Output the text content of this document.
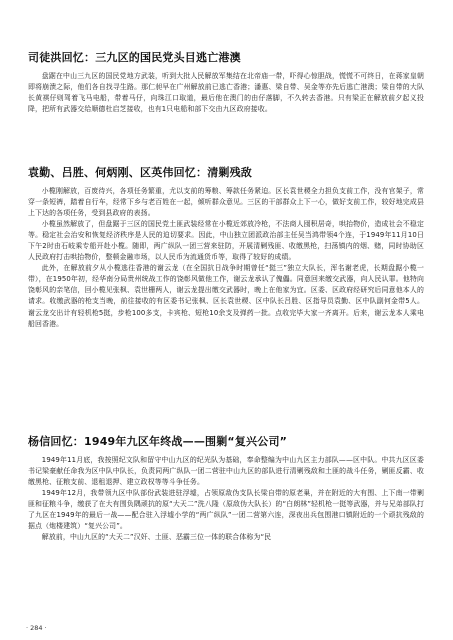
司徒洪回忆：三九区的国民党头目逃亡港澳

盘踞在中山三九区的国民党地方武装，听到大批人民解放军集结在北帝庙一带，吓得心惊胆战，慌慌不可终日，在蒋家皇朝即将崩溃之际，他们各自找寻生路。那仁昶早在广州解放前已逃亡香港；潘惠、梁自带、吴金等亦先后逃亡港澳；梁自带的大队长黄祺仔则驾着飞马电船，带着马仔，向珠江口取道，最后他在澳门的由仔落脚，不久转去香港。只有梁正在解放前夕起义投降，把所有武器交给顺德杜启芝接收，也有1只电船和部下交由九区政府接收。

袁勤、吕胜、何炳刚、区英伟回忆：清剿残敌

小榄刚解放，百废待兴，各项任务繁重，尤以支前的筹粮、筹款任务紧迫。区长袁世稷全力担负支前工作，没有官架子，常穿一条短裤，踏着自行车，经常下乡与老百姓在一起，倾听群众意见。三区的干部群众上下一心，做好支前工作，较好地完成县上下达的各项任务，受到县政府的表扬。

小榄虽然解放了，但盘踞于三区的国民党土匪武装经常在小榄近郊放冷枪，不法商人囤积居奇，哄抬物价，造成社会不稳定等。稳定社会治安和恢复经济秩序是人民的迫切要求。因此，中山独立团派政治部主任吴当鸿带领4个连，于1949年11月10日下午2时由石岐乘专船开赴小榄。随即，两广纵队一团三营来驻防，开展清剿残匪、收缴黑枪，扫荡镇内的烟、赌，同时协助区人民政府打击哄抬物价，整顿金融市场，以人民币为流通货币等，取得了较好的成绩。

此外，在解放前夕从小榄逃往香港的谢云龙（在全国抗日战争时期曾任“挺三”独立大队长，浑名谢老虎，长期盘踞小榄一带），在1950年初，经华南分局贵州统战工作的饶彰风做他工作，谢云龙承认了傀儡。同意回来缴交武器，向人民认罪。他特向饶彰风的亲笔信，回小榄见张枫、袁世栅两人，谢云龙提出缴交武器时，晚上在他家为宜。区委、区政府经研究后同意他本人的请求。收缴武器的枪支当晚，前往接收的有区委书记张枫、区长袁世稷、区中队长吕胜、区指导员袁勤、区中队副何金带5人。谢云龙交出计有轻机枪5挺，步枪100多支，卡宾枪、短枪10余支及弹药一批。点收完毕大家一齐离开。后来，谢云龙本人乘电船回香港。

杨信回忆：1949年九区年终战——围剿“复兴公司”

1949年11月底，我按照纪文队和留守中山九区的纪光队为基础，奉命整编为中山九区主力部队——区中队。中共九区区委书记梁豪献任命我为区中队中队长，负责同两广纵队一团二营驻中山九区的部队进行清剿残敌和土匪的战斗任务，剿匪反霸、收缴黑枪、征粮支前、退租退押、建立政权等等斗争任务。

1949年12月，我带领九区中队部份武装进驻浮墟，占领原敌伪支队长梁自带的原老巢，并在附近的大有围、上下南一带剿匪和征粮斗争，缴获了在大有围负隅顽抗的原“大天二”洗八隆（原敌伪大队长）的“白朗林”轻机枪一挺等武器，并与兄弟部队打了九区在1949年的最后一战——配合驻入浮墟小学的“两广纵队”一团二营第六连，深夜出兵包围港口镇附近的一个顽抗残敌的据点（炮楼建筑）“复兴公司”。

解放前，中山九区的“大天二”汉奸、土匪、恶霸三位一体的联合体称为“民

· 284 ·
